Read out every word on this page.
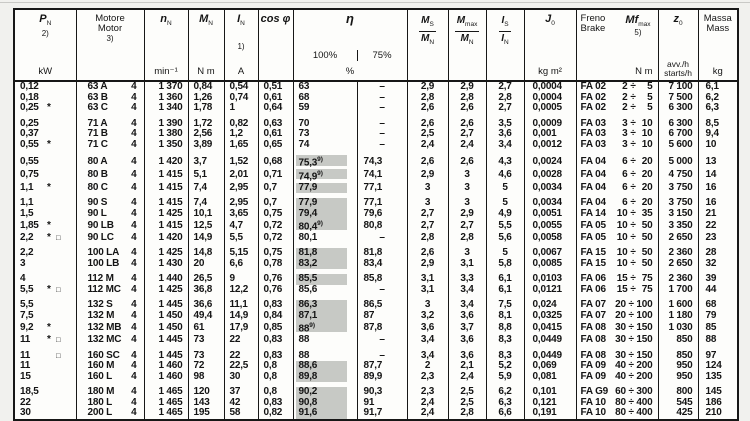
$P_N$
2)
kW

Motore
Motor
3)

$n_N$
min⁻¹

$M_N$
N m

$I_N$
1)
A

cos φ	η
100%	75%
%

$\frac{M_S}{M_N}$	$\frac{M_{max}}{M_N}$	$\frac{I_S}{I_N}$	$J_0$
kg m²

Freno
Brake
$Mf_{max}$
5)
N m

$z_0$
avv./h
starts/h

Massa
Mass
kg

0,12	63 A 4	1 370	0,84	0,54	0,51	63	–	2,9	2,9	2,7	0,0004	FA 02 2 ÷ 5	7 100	6,1

0,18	63 B 4	1 360	1,26	0,74	0,61	68	–	2,8	2,8	2,8	0,0004	FA 02 2 ÷ 5	7 500	6,2

0,25 *	63 C 4	1 340	1,78	1	0,64	59	–	2,6	2,6	2,7	0,0005	FA 02 2 ÷ 5	6 300	6,3

0,25	71 A 4	1 390	1,72	0,82	0,63	70	–	2,6	2,6	3,5	0,0009	FA 03 3 ÷ 10	6 300	8,5

0,37	71 B 4	1 380	2,56	1,2	0,61	73	–	2,5	2,7	3,6	0,001	FA 03 3 ÷ 10	6 700	9,4

0,55 *	71 C 4	1 350	3,89	1,65	0,65	74	–	2,4	2,4	3,4	0,0012	FA 03 3 ÷ 10	5 600	10

0,55	80 A 4	1 420	3,7	1,52	0,68	75,3$^{9)}$	74,3	2,6	2,6	4,3	0,0024	FA 04 6 ÷ 20	5 000	13

0,75	80 B 4	1 415	5,1	2,01	0,71	74,9$^{9)}$	74,1	2,9	3	4,6	0,0028	FA 04 6 ÷ 20	4 750	14

1,1 *	80 C 4	1 415	7,4	2,95	0,7	77,9	77,1	3	3	5	0,0034	FA 04 6 ÷ 20	3 750	16

1,1	90 S 4	1 415	7,4	2,95	0,7	77,9	77,1	3	3	5	0,0034	FA 04 6 ÷ 20	3 750	16

1,5	90 L 4	1 425	10,1	3,65	0,75	79,4	79,6	2,7	2,9	4,9	0,0051	FA 14 10 ÷ 35	3 150	21

1,85 *	90 LB 4	1 415	12,5	4,7	0,72	80,4$^{9)}$	80,8	2,7	2,7	5,5	0,0055	FA 05 10 ÷ 50	3 350	22

2,2 * □	90 LC 4	1 420	14,9	5,5	0,72	80,1	–	2,8	2,8	5,6	0,0058	FA 05 10 ÷ 50	2 650	23

2,2	100 LA 4	1 425	14,8	5,15	0,75	81,8	81,8	2,6	3	5	0,0067	FA 15 10 ÷ 50	2 360	28

3	100 LB 4	1 430	20	6,6	0,78	83,2	83,4	2,9	3,1	5,8	0,0085	FA 15 10 ÷ 50	2 650	32

4	112 M 4	1 440	26,5	9	0,76	85,5	85,8	3,1	3,3	6,1	0,0103	FA 06 15 ÷ 75	2 360	39

5,5 * □	112 MC 4	1 425	36,8	12,2	0,76	85,6	–	3,1	3,4	6,1	0,0121	FA 06 15 ÷ 75	1 700	44

5,5	132 S 4	1 445	36,6	11,1	0,83	86,3	86,5	3	3,4	7,5	0,024	FA 07 20 ÷ 100	1 600	68

7,5	132 M 4	1 450	49,4	14,9	0,84	87,1	87	3,2	3,6	8,1	0,0325	FA 07 20 ÷ 100	1 180	79

9,2 *	132 MB 4	1 450	61	17,9	0,85	88$^{9)}$	87,8	3,6	3,7	8,8	0,0415	FA 08 30 ÷ 150	1 030	85

11 * □	132 MC 4	1 445	73	22	0,83	88	–	3,4	3,6	8,3	0,0449	FA 08 30 ÷ 150	850	88

11 □	160 SC 4	1 445	73	22	0,83	88	–	3,4	3,6	8,3	0,0449	FA 08 30 ÷ 150	850	97

11	160 M 4	1 460	72	22,5	0,8	88,6	87,7	2	2,1	5,2	0,069	FA 09 40 ÷ 200	950	124

15	160 L 4	1 460	98	30	0,8	89,8	89,9	2,3	2,4	5,9	0,081	FA 09 40 ÷ 200	950	135

18,5	180 M 4	1 465	120	37	0,8	90,2	90,3	2,3	2,5	6,2	0,101	FA G9 60 ÷ 300	800	145

22	180 L 4	1 465	143	42	0,83	90,8	91	2,4	2,5	6,3	0,121	FA 10 80 ÷ 400	545	186

30	200 L 4	1 465	195	58	0,82	91,6	91,7	2,4	2,8	6,6	0,191	FA 10 80 ÷ 400	425	210
